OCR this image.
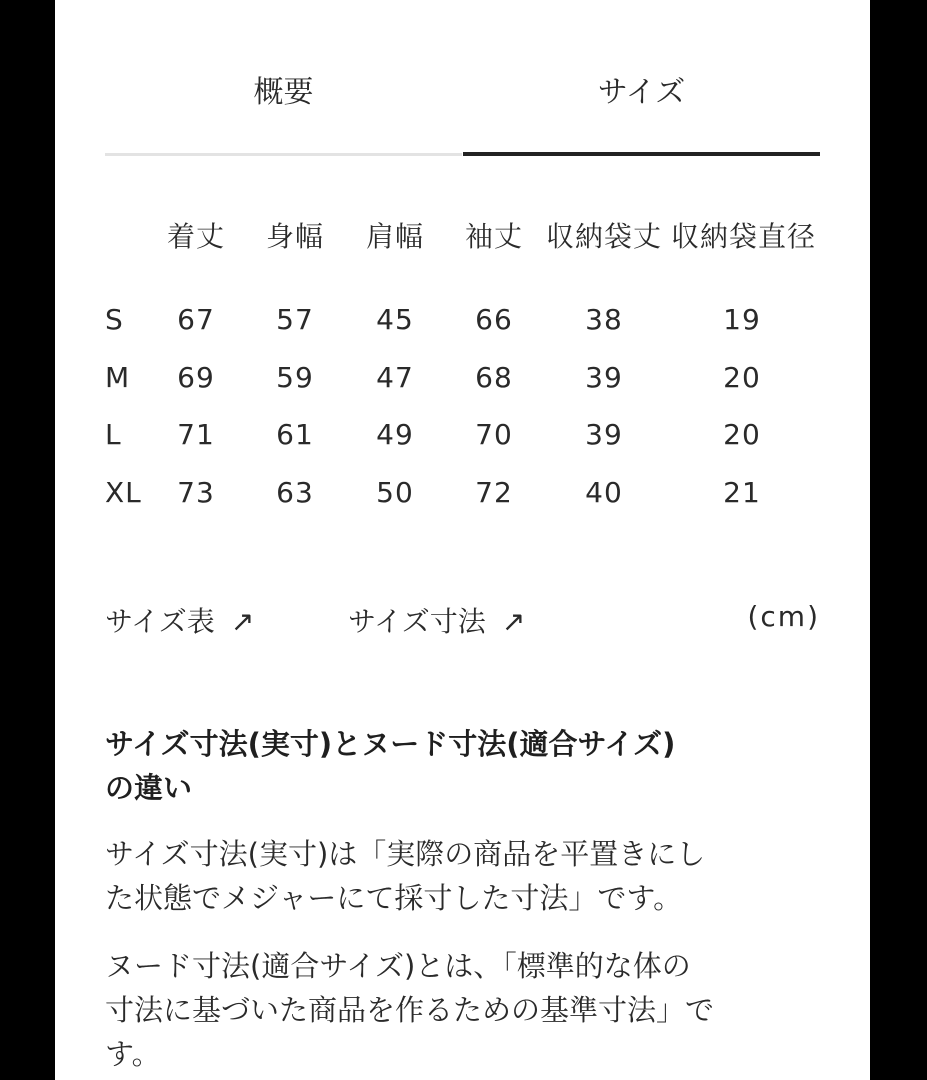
概要	サイズ
着丈 身幅 肩幅 袖丈 収納袋丈 収納袋直径
S	67	57	45	66	38	19
M	69	59	47	68	39	20
L	71	61	49	70	39	20
XL	73	63	50	72	40	21
サイズ表 ↗	サイズ寸法 ↗	(cm)
サイズ寸法(実寸)とヌード寸法(適合サイズ)
の違い
サイズ寸法(実寸)は「実際の商品を平置きにし
た状態でメジャーにて採寸した寸法」です。
ヌード寸法(適合サイズ)とは、「標準的な体の
寸法に基づいた商品を作るための基準寸法」で
す。
